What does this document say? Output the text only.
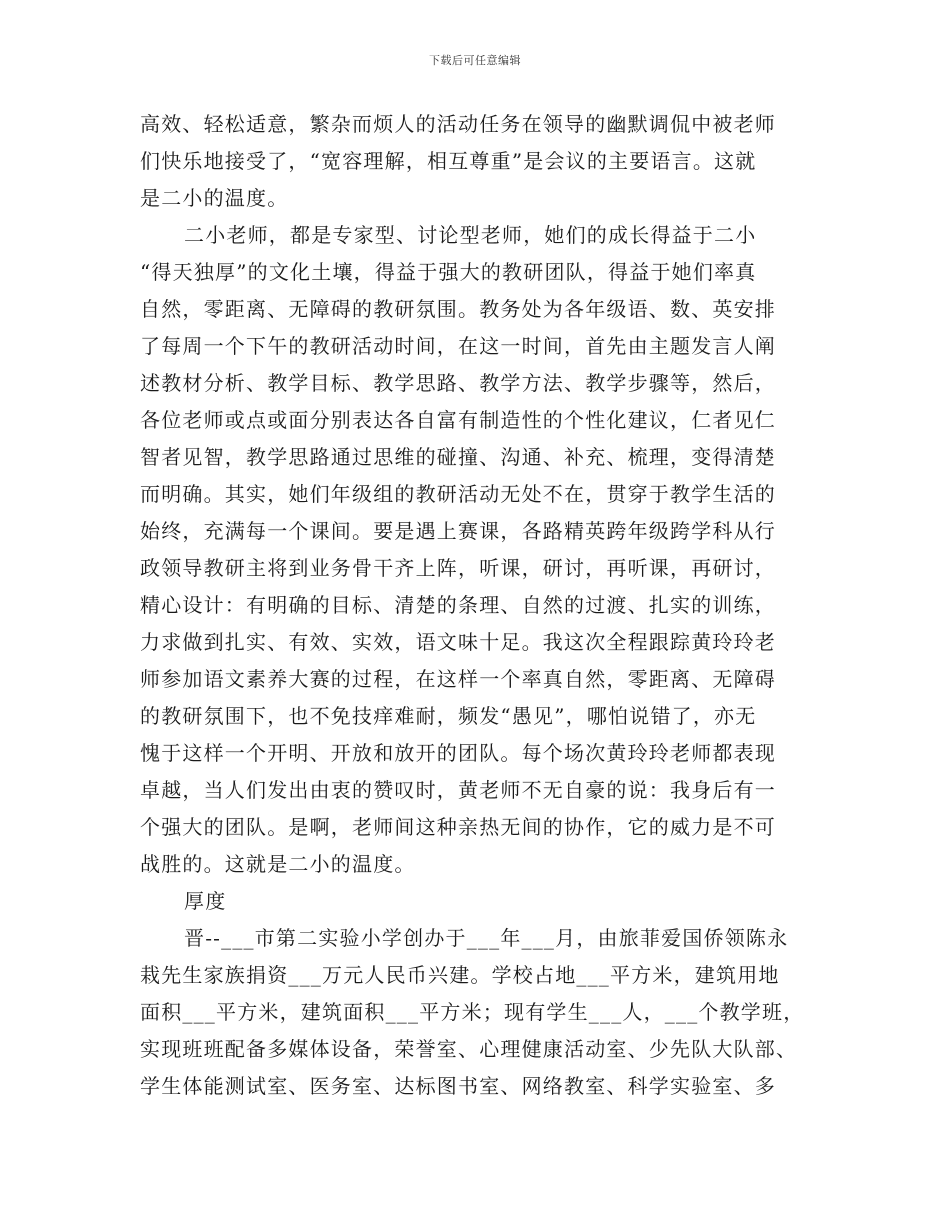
下载后可任意编辑

高效、轻松适意，繁杂而烦人的活动任务在领导的幽默调侃中被老师
们快乐地接受了，“宽容理解，相互尊重”是会议的主要语言。这就
是二小的温度。

二小老师，都是专家型、讨论型老师，她们的成长得益于二小
“得天独厚”的文化土壤，得益于强大的教研团队，得益于她们率真
自然，零距离、无障碍的教研氛围。教务处为各年级语、数、英安排
了每周一个下午的教研活动时间，在这一时间，首先由主题发言人阐
述教材分析、教学目标、教学思路、教学方法、教学步骤等，然后，
各位老师或点或面分别表达各自富有制造性的个性化建议，仁者见仁
智者见智，教学思路通过思维的碰撞、沟通、补充、梳理，变得清楚
而明确。其实，她们年级组的教研活动无处不在，贯穿于教学生活的
始终，充满每一个课间。要是遇上赛课，各路精英跨年级跨学科从行
政领导教研主将到业务骨干齐上阵，听课，研讨，再听课，再研讨，
精心设计：有明确的目标、清楚的条理、自然的过渡、扎实的训练，
力求做到扎实、有效、实效，语文味十足。我这次全程跟踪黄玲玲老
师参加语文素养大赛的过程，在这样一个率真自然，零距离、无障碍
的教研氛围下，也不免技痒难耐，频发“愚见”，哪怕说错了，亦无
愧于这样一个开明、开放和放开的团队。每个场次黄玲玲老师都表现
卓越，当人们发出由衷的赞叹时，黄老师不无自豪的说：我身后有一
个强大的团队。是啊，老师间这种亲热无间的协作，它的威力是不可
战胜的。这就是二小的温度。

厚度

晋--___市第二实验小学创办于___年___月，由旅菲爱国侨领陈永
栽先生家族捐资___万元人民币兴建。学校占地___平方米，建筑用地
面积___平方米，建筑面积___平方米；现有学生___人，___个教学班，
实现班班配备多媒体设备，荣誉室、心理健康活动室、少先队大队部、
学生体能测试室、医务室、达标图书室、网络教室、科学实验室、多
